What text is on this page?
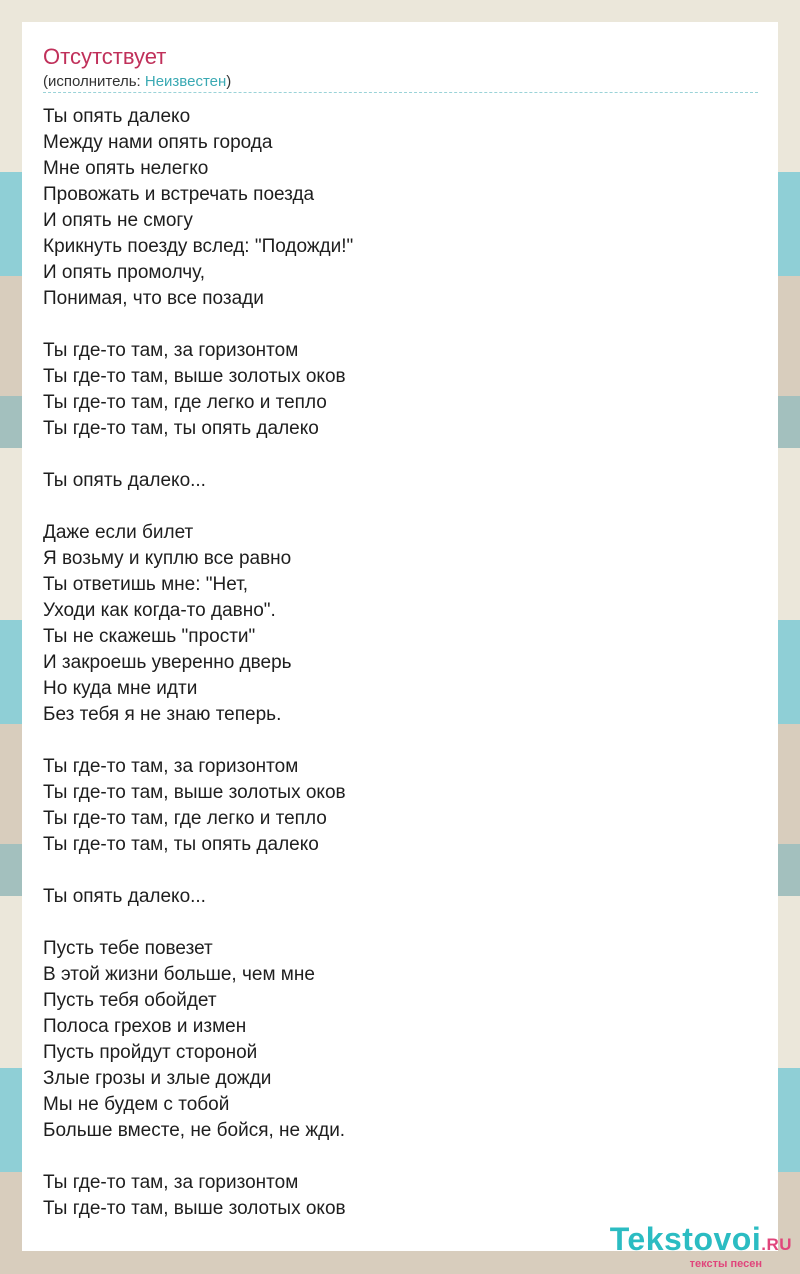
Отсутствует
(исполнитель: Неизвестен)
Ты опять далеко
Между нами опять города
Мне опять нелегко
Провожать и встречать поезда
И опять не смогу
Крикнуть поезду вслед: "Подожди!"
И опять промолчу,
Понимая, что все позади

Ты где-то там, за горизонтом
Ты где-то там, выше золотых оков
Ты где-то там, где легко и тепло
Ты где-то там, ты опять далеко

Ты опять далеко...

Даже если билет
Я возьму и куплю все равно
Ты ответишь мне: "Нет,
Уходи как когда-то давно".
Ты не скажешь "прости"
И закроешь уверенно дверь
Но куда мне идти
Без тебя я не знаю теперь.

Ты где-то там, за горизонтом
Ты где-то там, выше золотых оков
Ты где-то там, где легко и тепло
Ты где-то там, ты опять далеко

Ты опять далеко...

Пусть тебе повезет
В этой жизни больше, чем мне
Пусть тебя обойдет
Полоса грехов и измен
Пусть пройдут стороной
Злые грозы и злые дожди
Мы не будем с тобой
Больше вместе, не бойся, не жди.

Ты где-то там, за горизонтом
Ты где-то там, выше золотых оков
Tekstovoi.RU
тексты песен
